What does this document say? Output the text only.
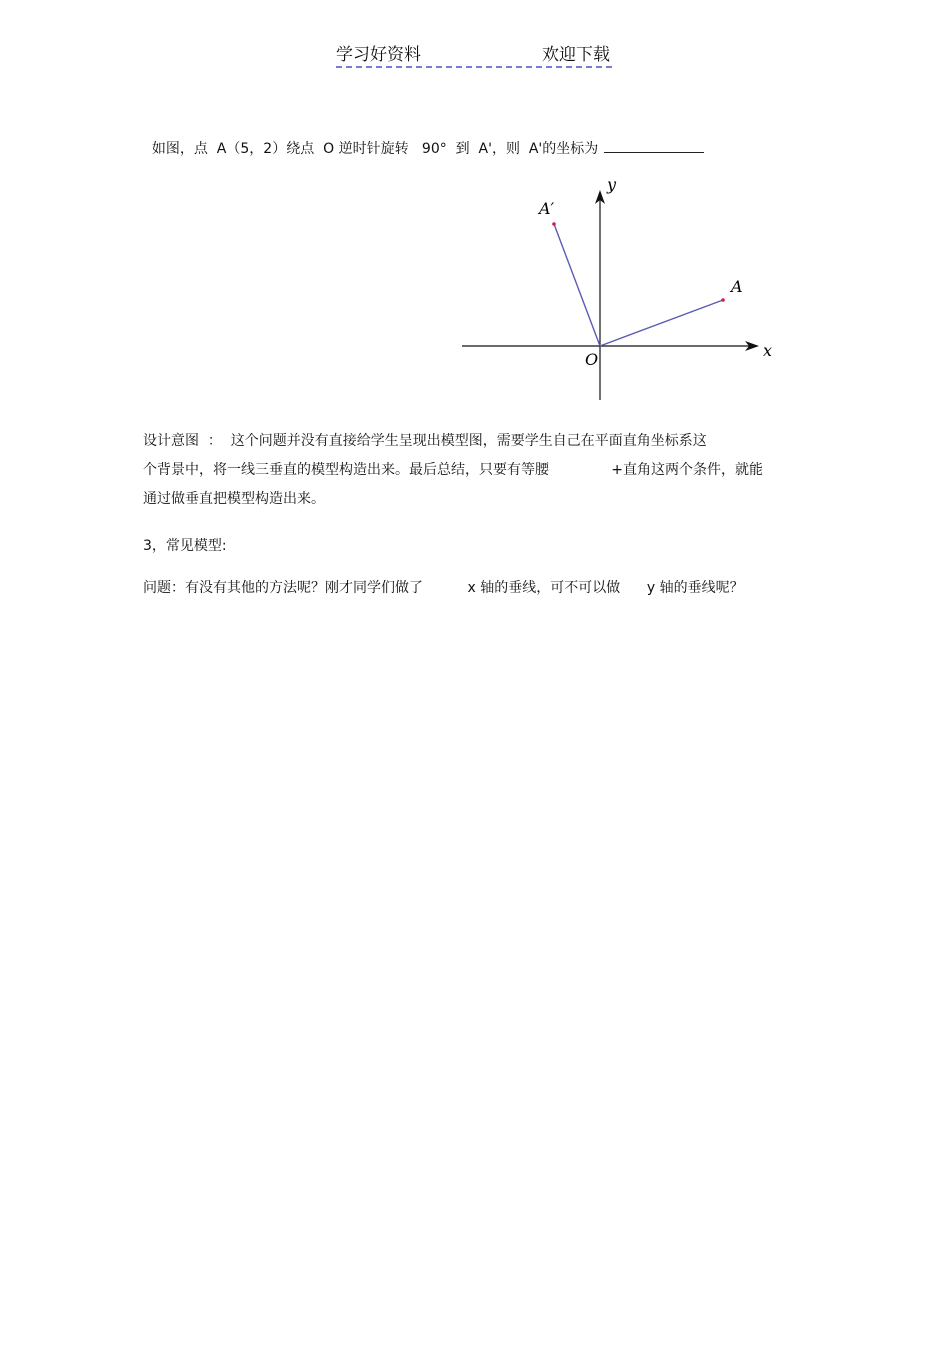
学习好资料	欢迎下载

如图，点  A（5，2）绕点  O 逆时针旋转   90°  到  A'，则  A'的坐标为

y
x
O
A
A′
设计意图  ：  这个问题并没有直接给学生呈现出模型图，需要学生自己在平面直角坐标系这
个背景中，将一线三垂直的模型构造出来。最后总结，只要有等腰              +直角这两个条件，就能
通过做垂直把模型构造出来。
3，常见模型:
问题：有没有其他的方法呢？刚才同学们做了          x 轴的垂线，可不可以做      y 轴的垂线呢？
